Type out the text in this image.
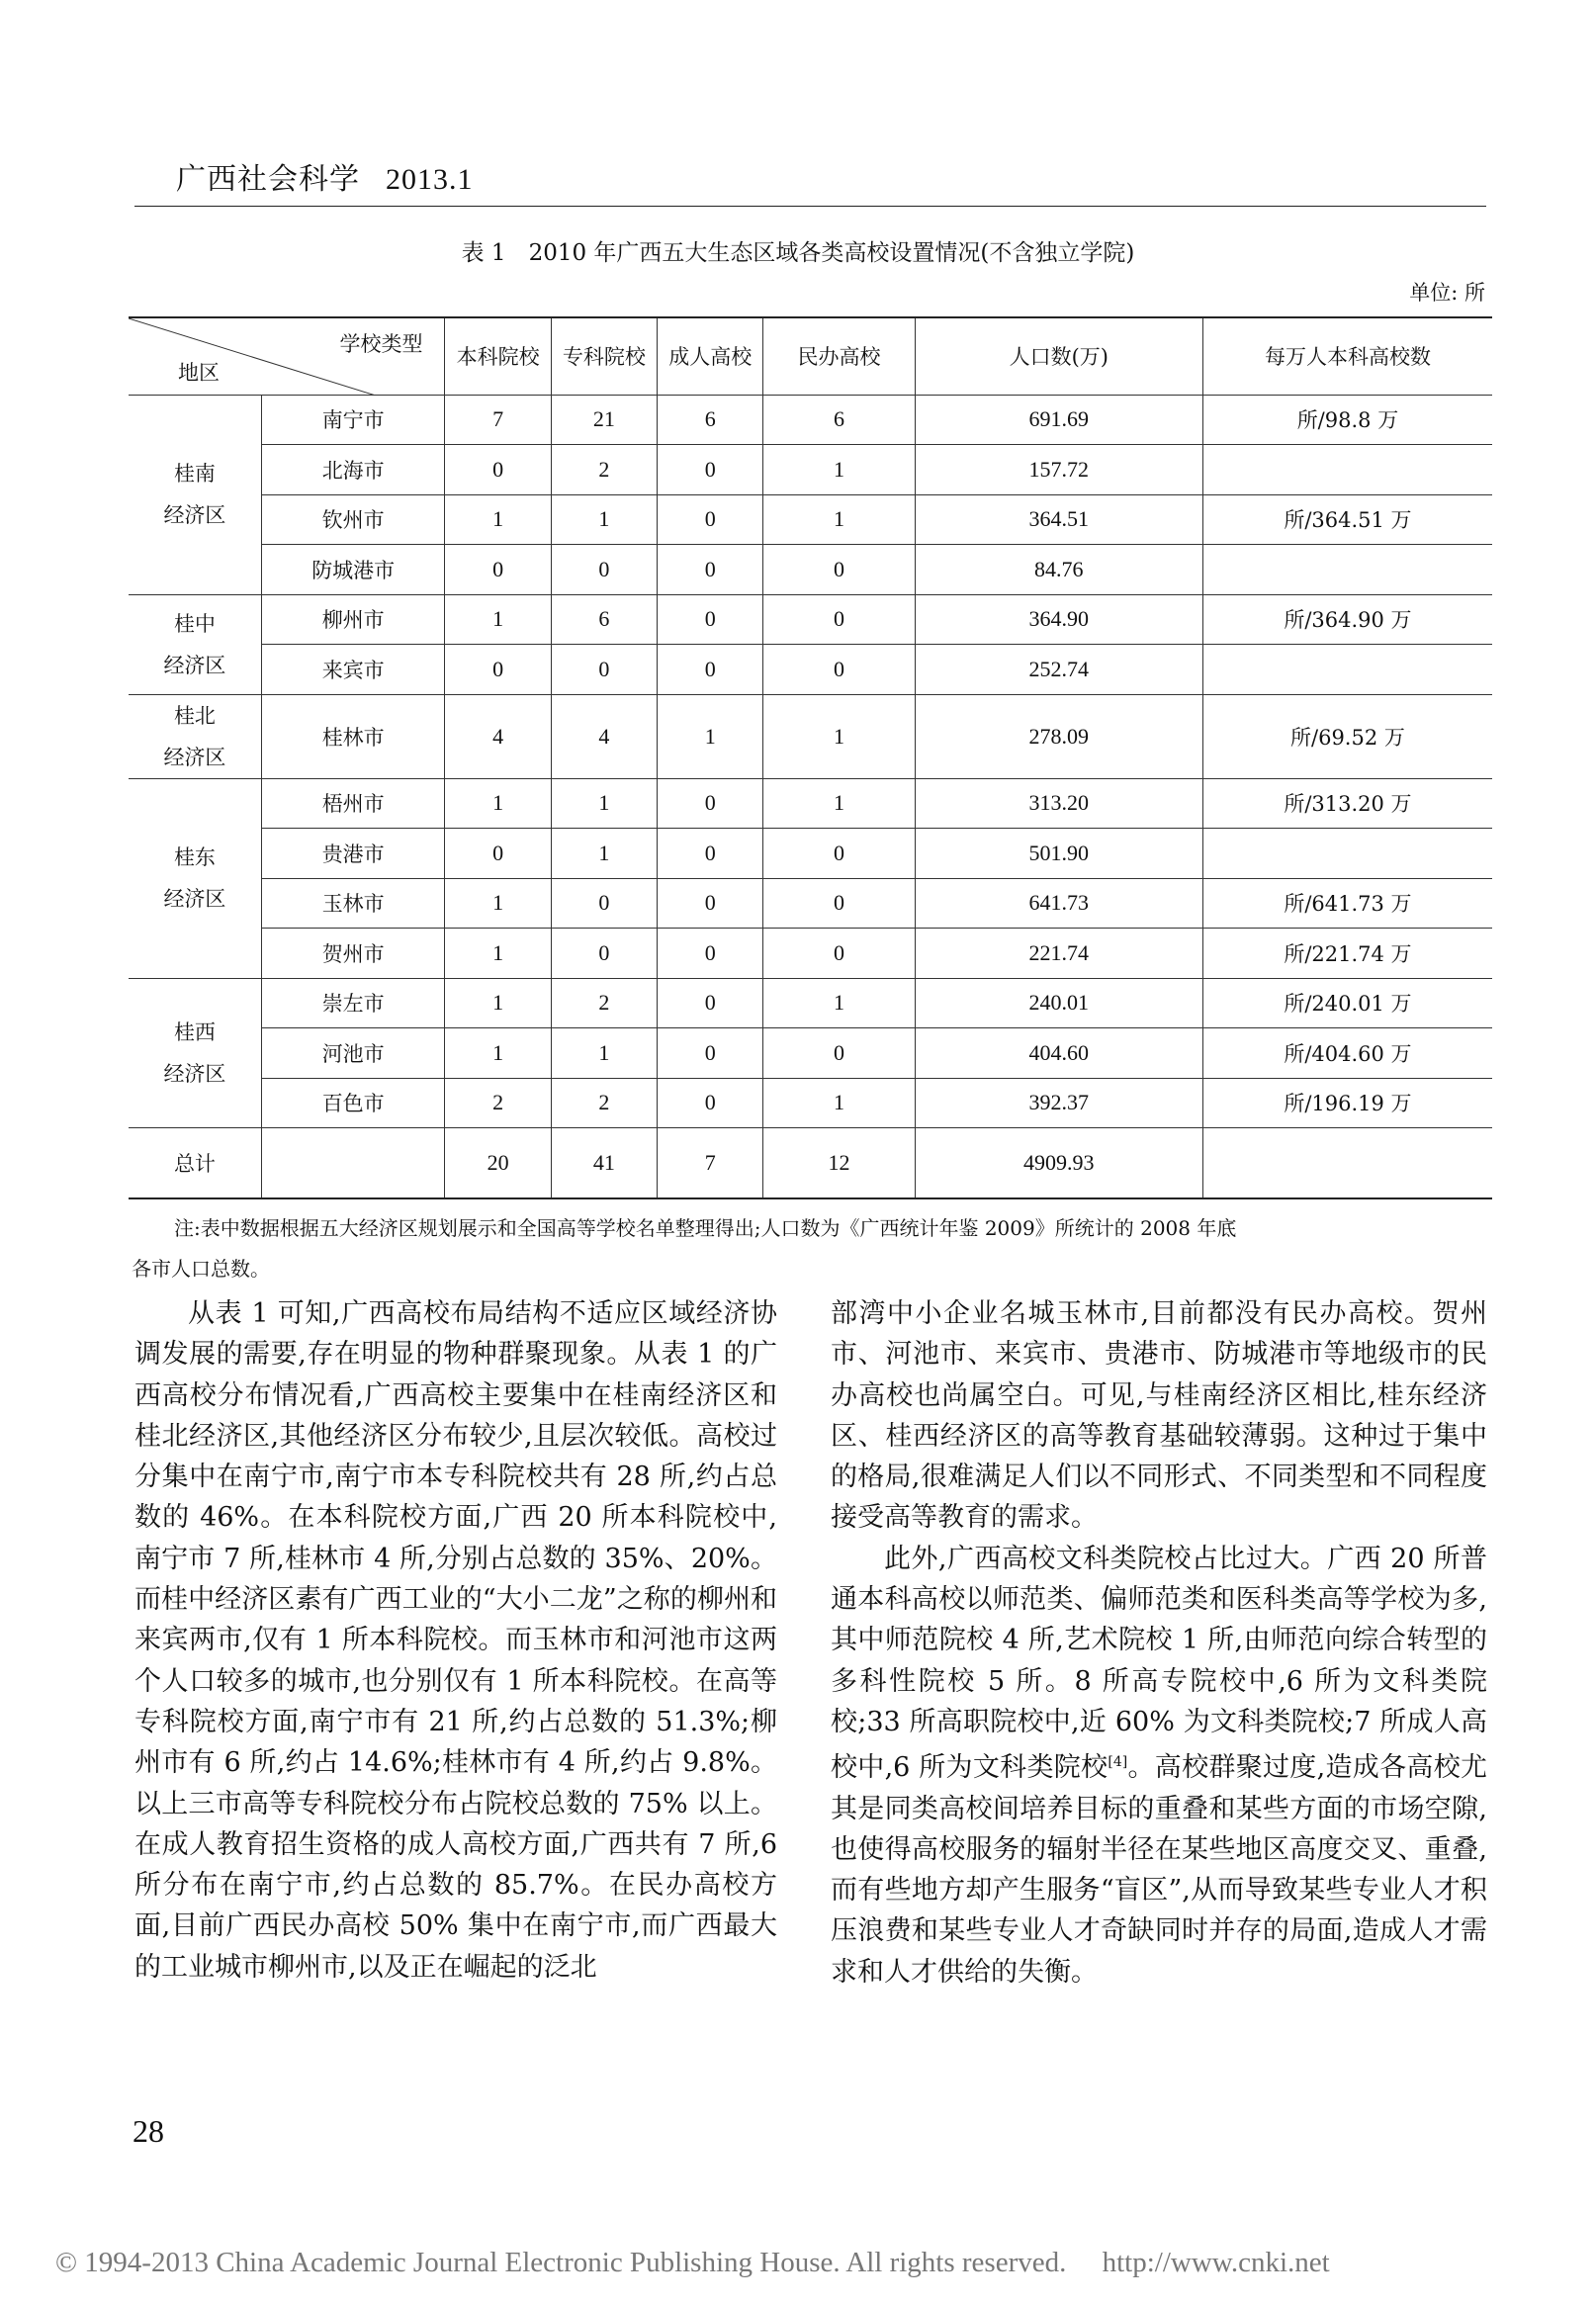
广西社会科学 2013.1
表 1　2010 年广西五大生态区域各类高校设置情况(不含独立学院)
单位: 所
学校类型
地区		本科院校	专科院校	成人高校	民办高校	人口数(万)	每万人本科高校数
桂南
经济区	南宁市	7	21	6	6	691.69	所/98.8 万
	北海市	0	2	0	1	157.72	
	钦州市	1	1	0	1	364.51	所/364.51 万
	防城港市	0	0	0	0	84.76	
桂中
经济区	柳州市	1	6	0	0	364.90	所/364.90 万
	来宾市	0	0	0	0	252.74	
桂北
经济区	桂林市	4	4	1	1	278.09	所/69.52 万
桂东
经济区	梧州市	1	1	0	1	313.20	所/313.20 万
	贵港市	0	1	0	0	501.90	
	玉林市	1	0	0	0	641.73	所/641.73 万
	贺州市	1	0	0	0	221.74	所/221.74 万
桂西
经济区	崇左市	1	2	0	1	240.01	所/240.01 万
	河池市	1	1	0	0	404.60	所/404.60 万
	百色市	2	2	0	1	392.37	所/196.19 万
总计		20	41	7	12	4909.93	
注:表中数据根据五大经济区规划展示和全国高等学校名单整理得出;人口数为《广西统计年鉴 2009》所统计的 2008 年底
各市人口总数。

从表 1 可知,广西高校布局结构不适应区域经济协调发展的需要,存在明显的物种群聚现象。从表 1 的广西高校分布情况看,广西高校主要集中在桂南经济区和桂北经济区,其他经济区分布较少,且层次较低。高校过分集中在南宁市,南宁市本专科院校共有 28 所,约占总数的 46%。在本科院校方面,广西 20 所本科院校中,南宁市 7 所,桂林市 4 所,分别占总数的 35%、20%。而桂中经济区素有广西工业的“大小二龙”之称的柳州和来宾两市,仅有 1 所本科院校。而玉林市和河池市这两个人口较多的城市,也分别仅有 1 所本科院校。在高等专科院校方面,南宁市有 21 所,约占总数的 51.3%;柳州市有 6 所,约占 14.6%;桂林市有 4 所,约占 9.8%。以上三市高等专科院校分布占院校总数的 75% 以上。在成人教育招生资格的成人高校方面,广西共有 7 所,6 所分布在南宁市,约占总数的 85.7%。在民办高校方面,目前广西民办高校 50% 集中在南宁市,而广西最大的工业城市柳州市,以及正在崛起的泛北

部湾中小企业名城玉林市,目前都没有民办高校。贺州市、河池市、来宾市、贵港市、防城港市等地级市的民办高校也尚属空白。可见,与桂南经济区相比,桂东经济区、桂西经济区的高等教育基础较薄弱。这种过于集中的格局,很难满足人们以不同形式、不同类型和不同程度接受高等教育的需求。

此外,广西高校文科类院校占比过大。广西 20 所普通本科高校以师范类、偏师范类和医科类高等学校为多,其中师范院校 4 所,艺术院校 1 所,由师范向综合转型的多科性院校 5 所。8 所高专院校中,6 所为文科类院校;33 所高职院校中,近 60% 为文科类院校;7 所成人高校中,6 所为文科类院校[4]。高校群聚过度,造成各高校尤其是同类高校间培养目标的重叠和某些方面的市场空隙,也使得高校服务的辐射半径在某些地区高度交叉、重叠,而有些地方却产生服务“盲区”,从而导致某些专业人才积压浪费和某些专业人才奇缺同时并存的局面,造成人才需求和人才供给的失衡。

28
© 1994-2013 China Academic Journal Electronic Publishing House. All rights reserved.　 http://www.cnki.net
